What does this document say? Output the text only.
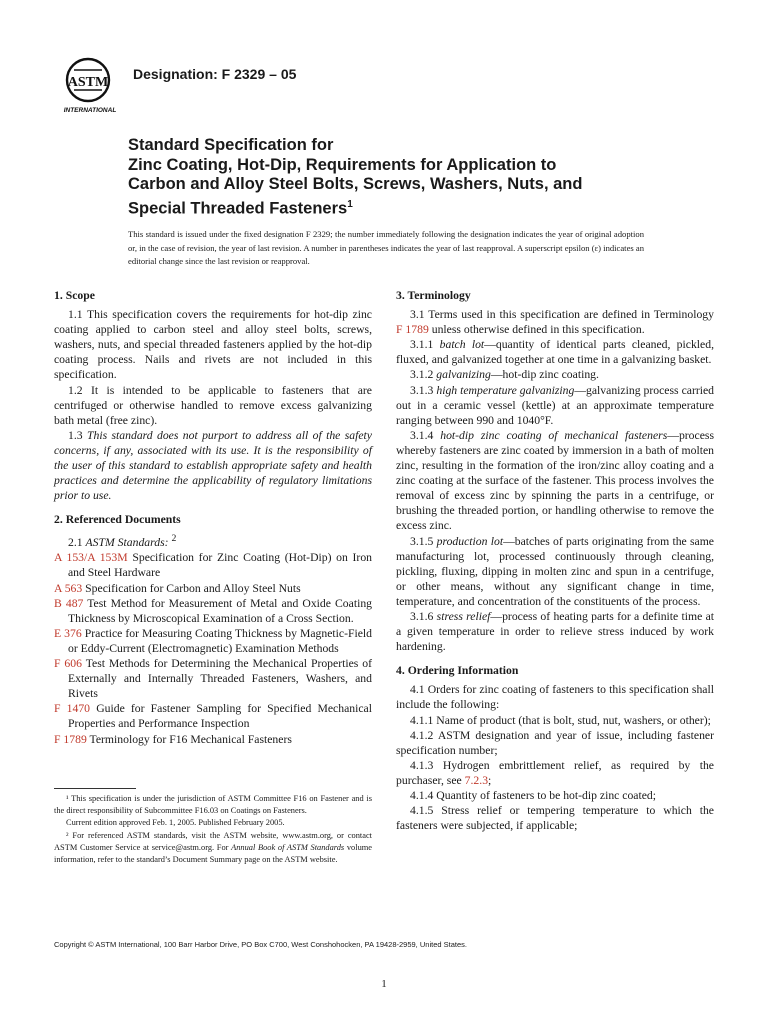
ASTM
INTERNATIONAL
Designation: F 2329 – 05
Standard Specification for
Zinc Coating, Hot-Dip, Requirements for Application to
Carbon and Alloy Steel Bolts, Screws, Washers, Nuts, and
Special Threaded Fasteners$^1$
This standard is issued under the fixed designation F 2329; the number immediately following the designation indicates the year of original adoption or, in the case of revision, the year of last revision. A number in parentheses indicates the year of last reapproval. A superscript epsilon (ε) indicates an editorial change since the last revision or reapproval.
1. Scope

1.1 This specification covers the requirements for hot-dip zinc coating applied to carbon steel and alloy steel bolts, screws, washers, nuts, and special threaded fasteners applied by the hot-dip coating process. Nails and rivets are not included in this specification.

1.2 It is intended to be applicable to fasteners that are centrifuged or otherwise handled to remove excess galvanizing bath metal (free zinc).

1.3 This standard does not purport to address all of the safety concerns, if any, associated with its use. It is the responsibility of the user of this standard to establish appropriate safety and health practices and determine the applicability of regulatory limitations prior to use.

2. Referenced Documents

2.1 ASTM Standards: $^2$

A 153/A 153M Specification for Zinc Coating (Hot-Dip) on Iron and Steel Hardware

A 563 Specification for Carbon and Alloy Steel Nuts

B 487 Test Method for Measurement of Metal and Oxide Coating Thickness by Microscopical Examination of a Cross Section.

E 376 Practice for Measuring Coating Thickness by Magnetic-Field or Eddy-Current (Electromagnetic) Examination Methods

F 606 Test Methods for Determining the Mechanical Properties of Externally and Internally Threaded Fasteners, Washers, and Rivets

F 1470 Guide for Fastener Sampling for Specified Mechanical Properties and Performance Inspection

F 1789 Terminology for F16 Mechanical Fasteners

¹ This specification is under the jurisdiction of ASTM Committee F16 on Fastener and is the direct responsibility of Subcommittee F16.03 on Coatings on Fasteners.

Current edition approved Feb. 1, 2005. Published February 2005.

² For referenced ASTM standards, visit the ASTM website, www.astm.org, or contact ASTM Customer Service at service@astm.org. For Annual Book of ASTM Standards volume information, refer to the standard’s Document Summary page on the ASTM website.

3. Terminology

3.1 Terms used in this specification are defined in Terminology F 1789 unless otherwise defined in this specification.

3.1.1 batch lot—quantity of identical parts cleaned, pickled, fluxed, and galvanized together at one time in a galvanizing basket.

3.1.2 galvanizing—hot-dip zinc coating.

3.1.3 high temperature galvanizing—galvanizing process carried out in a ceramic vessel (kettle) at an approximate temperature ranging between 990 and 1040°F.

3.1.4 hot-dip zinc coating of mechanical fasteners—process whereby fasteners are zinc coated by immersion in a bath of molten zinc, resulting in the formation of the iron/zinc alloy coating and a zinc coating at the surface of the fastener. This process involves the removal of excess zinc by spinning the parts in a centrifuge, or brushing the threaded portion, or handling otherwise to remove the excess zinc.

3.1.5 production lot—batches of parts originating from the same manufacturing lot, processed continuously through cleaning, pickling, fluxing, dipping in molten zinc and spun in a centrifuge, or other means, without any significant change in time, temperature, and concentration of the constituents of the process.

3.1.6 stress relief—process of heating parts for a definite time at a given temperature in order to relieve stress induced by work hardening.

4. Ordering Information

4.1 Orders for zinc coating of fasteners to this specification shall include the following:

4.1.1 Name of product (that is bolt, stud, nut, washers, or other);

4.1.2 ASTM designation and year of issue, including fastener specification number;

4.1.3 Hydrogen embrittlement relief, as required by the purchaser, see 7.2.3;

4.1.4 Quantity of fasteners to be hot-dip zinc coated;

4.1.5 Stress relief or tempering temperature to which the fasteners were subjected, if applicable;

Copyright © ASTM International, 100 Barr Harbor Drive, PO Box C700, West Conshohocken, PA 19428-2959, United States.
1
